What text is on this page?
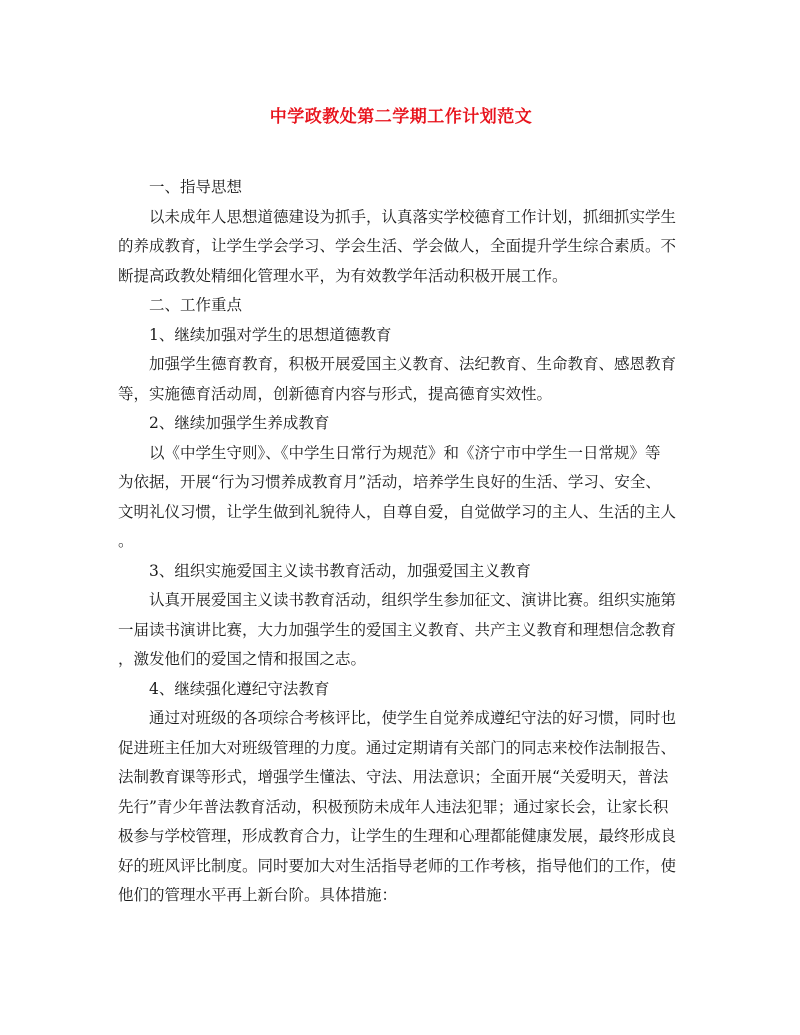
中学政教处第二学期工作计划范文

一、指导思想

以未成年人思想道德建设为抓手，认真落实学校德育工作计划，抓细抓实学生

的养成教育，让学生学会学习、学会生活、学会做人，全面提升学生综合素质。不

断提高政教处精细化管理水平，为有效教学年活动积极开展工作。

二、工作重点

1、继续加强对学生的思想道德教育

加强学生德育教育，积极开展爱国主义教育、法纪教育、生命教育、感恩教育

等，实施德育活动周，创新德育内容与形式，提高德育实效性。

2、继续加强学生养成教育

以《中学生守则》、《中学生日常行为规范》和《济宁市中学生一日常规》等

为依据，开展“行为习惯养成教育月”活动，培养学生良好的生活、学习、安全、

文明礼仪习惯，让学生做到礼貌待人，自尊自爱，自觉做学习的主人、生活的主人

。

3、组织实施爱国主义读书教育活动，加强爱国主义教育

认真开展爱国主义读书教育活动，组织学生参加征文、演讲比赛。组织实施第

一届读书演讲比赛，大力加强学生的爱国主义教育、共产主义教育和理想信念教育

，激发他们的爱国之情和报国之志。

4、继续强化遵纪守法教育

通过对班级的各项综合考核评比，使学生自觉养成遵纪守法的好习惯，同时也

促进班主任加大对班级管理的力度。通过定期请有关部门的同志来校作法制报告、

法制教育课等形式，增强学生懂法、守法、用法意识；全面开展“关爱明天，普法

先行”青少年普法教育活动，积极预防未成年人违法犯罪；通过家长会，让家长积

极参与学校管理，形成教育合力，让学生的生理和心理都能健康发展，最终形成良

好的班风评比制度。同时要加大对生活指导老师的工作考核，指导他们的工作，使

他们的管理水平再上新台阶。具体措施：
